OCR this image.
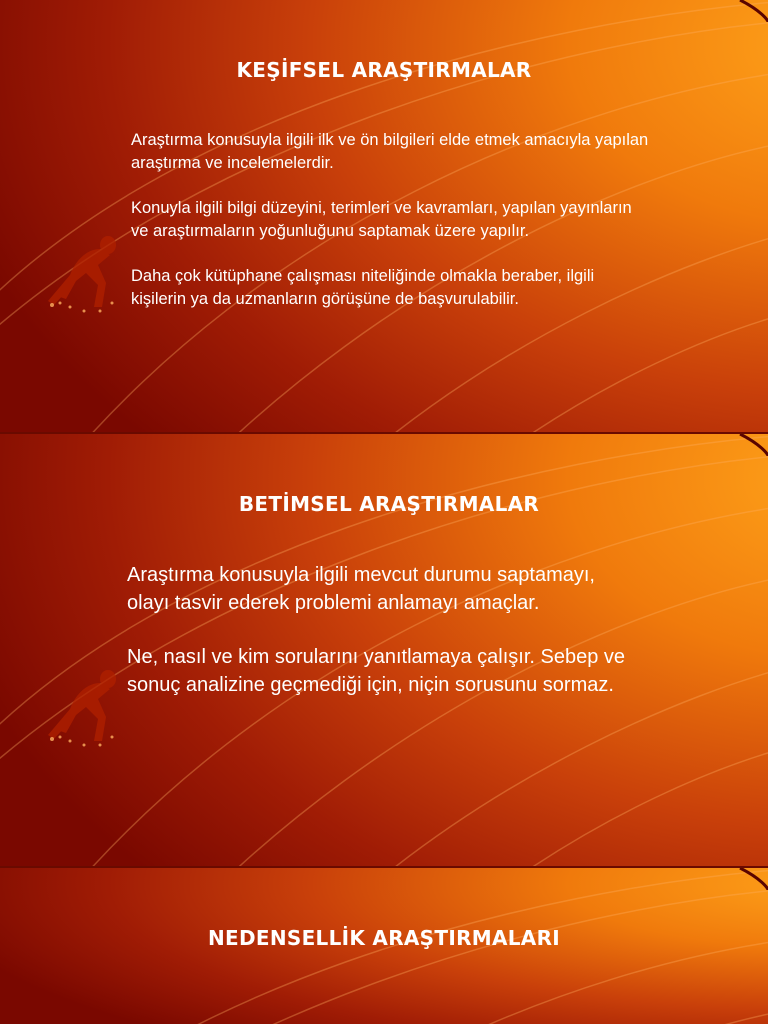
KEŞİFSEL ARAŞTIRMALAR

Araştırma konusuyla ilgili ilk ve ön bilgileri elde etmek amacıyla yapılan araştırma ve incelemelerdir.

Konuyla ilgili bilgi düzeyini, terimleri ve kavramları, yapılan yayınların ve araştırmaların yoğunluğunu saptamak üzere yapılır.

Daha çok kütüphane çalışması niteliğinde olmakla beraber, ilgili kişilerin ya da uzmanların görüşüne de başvurulabilir.

BETİMSEL ARAŞTIRMALAR

Araştırma konusuyla ilgili mevcut durumu saptamayı, olayı tasvir ederek problemi anlamayı amaçlar.

Ne, nasıl ve kim sorularını yanıtlamaya çalışır. Sebep ve sonuç analizine geçmediği için, niçin sorusunu sormaz.

NEDENSELLİK ARAŞTIRMALARI
